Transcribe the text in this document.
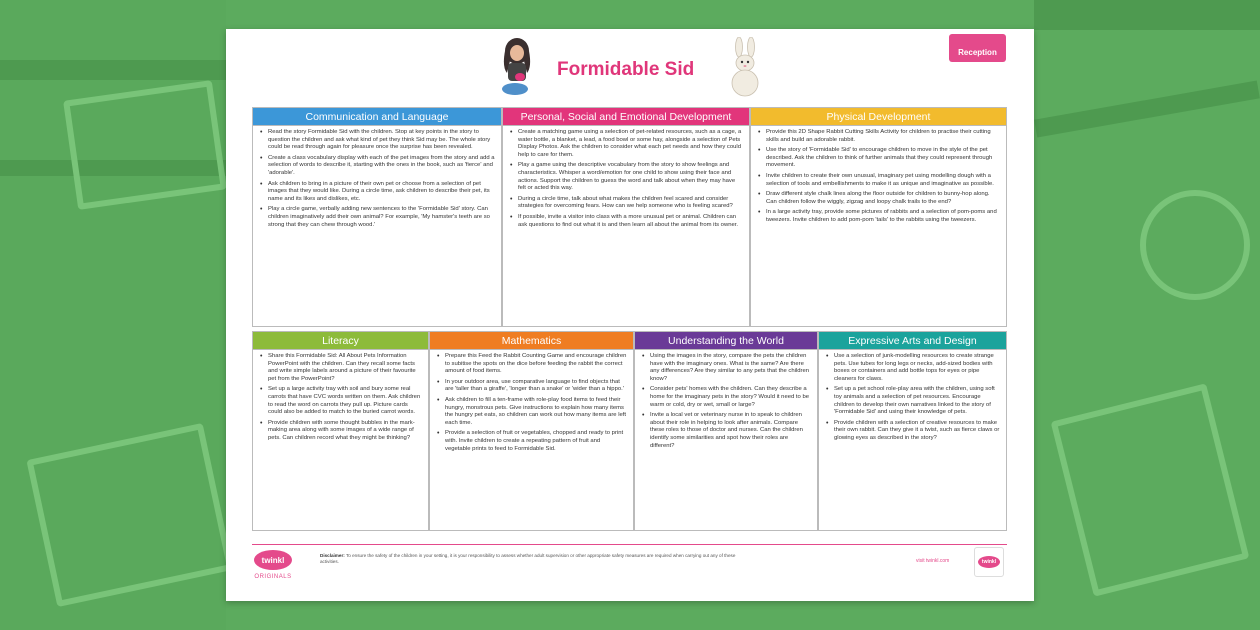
Formidable Sid
Reception
Communication and Language
• Read the story Formidable Sid with the children. Stop at key points in the story to question the children and ask what kind of pet they think Sid may be. The whole story could be read through again for pleasure once the surprise has been revealed.
• Create a class vocabulary display with each of the pet images from the story and add a selection of words to describe it, starting with the ones in the book, such as 'fierce' and 'adorable'.
• Ask children to bring in a picture of their own pet or choose from a selection of pet images that they would like. During a circle time, ask children to describe their pet, its name and its likes and dislikes, etc.
• Play a circle game, verbally adding new sentences to the 'Formidable Sid' story. Can children imaginatively add their own animal? For example, 'My hamster's teeth are so strong that they can chew through wood.'
Personal, Social and Emotional Development
• Create a matching game using a selection of pet-related resources, such as a cage, a water bottle, a blanket, a lead, a food bowl or some hay, alongside a selection of Pets Display Photos. Ask the children to consider what each pet needs and how they could help to care for them.
• Play a game using the descriptive vocabulary from the story to show feelings and characteristics. Whisper a word/emotion for one child to show using their face and actions. Support the children to guess the word and talk about when they may have felt or acted this way.
• During a circle time, talk about what makes the children feel scared and consider strategies for overcoming fears. How can we help someone who is feeling scared?
• If possible, invite a visitor into class with a more unusual pet or animal. Children can ask questions to find out what it is and then learn all about the animal from its owner.
Physical Development
• Provide this 2D Shape Rabbit Cutting Skills Activity for children to practise their cutting skills and build an adorable rabbit.
• Use the story of 'Formidable Sid' to encourage children to move in the style of the pet described. Ask the children to think of further animals that they could represent through movement.
• Invite children to create their own unusual, imaginary pet using modelling dough with a selection of tools and embellishments to make it as unique and imaginative as possible.
• Draw different style chalk lines along the floor outside for children to bunny-hop along. Can children follow the wiggly, zigzag and loopy chalk trails to the end?
• In a large activity tray, provide some pictures of rabbits and a selection of pom-poms and tweezers. Invite children to add pom-pom 'tails' to the rabbits using the tweezers.
Literacy
• Share this Formidable Sid: All About Pets Information PowerPoint with the children. Can they recall some facts and write simple labels around a picture of their favourite pet from the PowerPoint?
• Set up a large activity tray with soil and bury some real carrots that have CVC words written on them. Ask children to read the word on carrots they pull up. Picture cards could also be added to match to the buried carrot words.
• Provide children with some thought bubbles in the mark-making area along with some images of a wide range of pets. Can children record what they might be thinking?
Mathematics
• Prepare this Feed the Rabbit Counting Game and encourage children to subitise the spots on the dice before feeding the rabbit the correct amount of food items.
• In your outdoor area, use comparative language to find objects that are 'taller than a giraffe', 'longer than a snake' or 'wider than a hippo.'
• Ask children to fill a ten-frame with role-play food items to feed their hungry, monstrous pets. Give instructions to explain how many items the hungry pet eats, so children can work out how many items are left each time.
• Provide a selection of fruit or vegetables, chopped and ready to print with. Invite children to create a repeating pattern of fruit and vegetable prints to feed to Formidable Sid.
Understanding the World
• Using the images in the story, compare the pets the children have with the imaginary ones. What is the same? Are there any differences? Are they similar to any pets that the children know?
• Consider pets' homes with the children. Can they describe a home for the imaginary pets in the story? Would it need to be warm or cold, dry or wet, small or large?
• Invite a local vet or veterinary nurse in to speak to children about their role in helping to look after animals. Compare these roles to those of doctor and nurses. Can the children identify some similarities and spot how their roles are different?
Expressive Arts and Design
• Use a selection of junk-modelling resources to create strange pets. Use tubes for long legs or necks, add-sized bodies with boxes or containers and add bottle tops for eyes or pipe cleaners for claws.
• Set up a pet school role-play area with the children, using soft toy animals and a selection of pet resources. Encourage children to develop their own narratives linked to the story of 'Formidable Sid' and using their knowledge of pets.
• Provide children with a selection of creative resources to make their own rabbit. Can they give it a twist, such as fierce claws or glowing eyes as described in the story?
twinkl
ORIGINALS
Disclaimer: To ensure the safety of the children in your setting, it is your responsibility to assess whether adult supervision or other appropriate safety measures are required when carrying out any of these activities.	visit twinkl.com	twinkl
